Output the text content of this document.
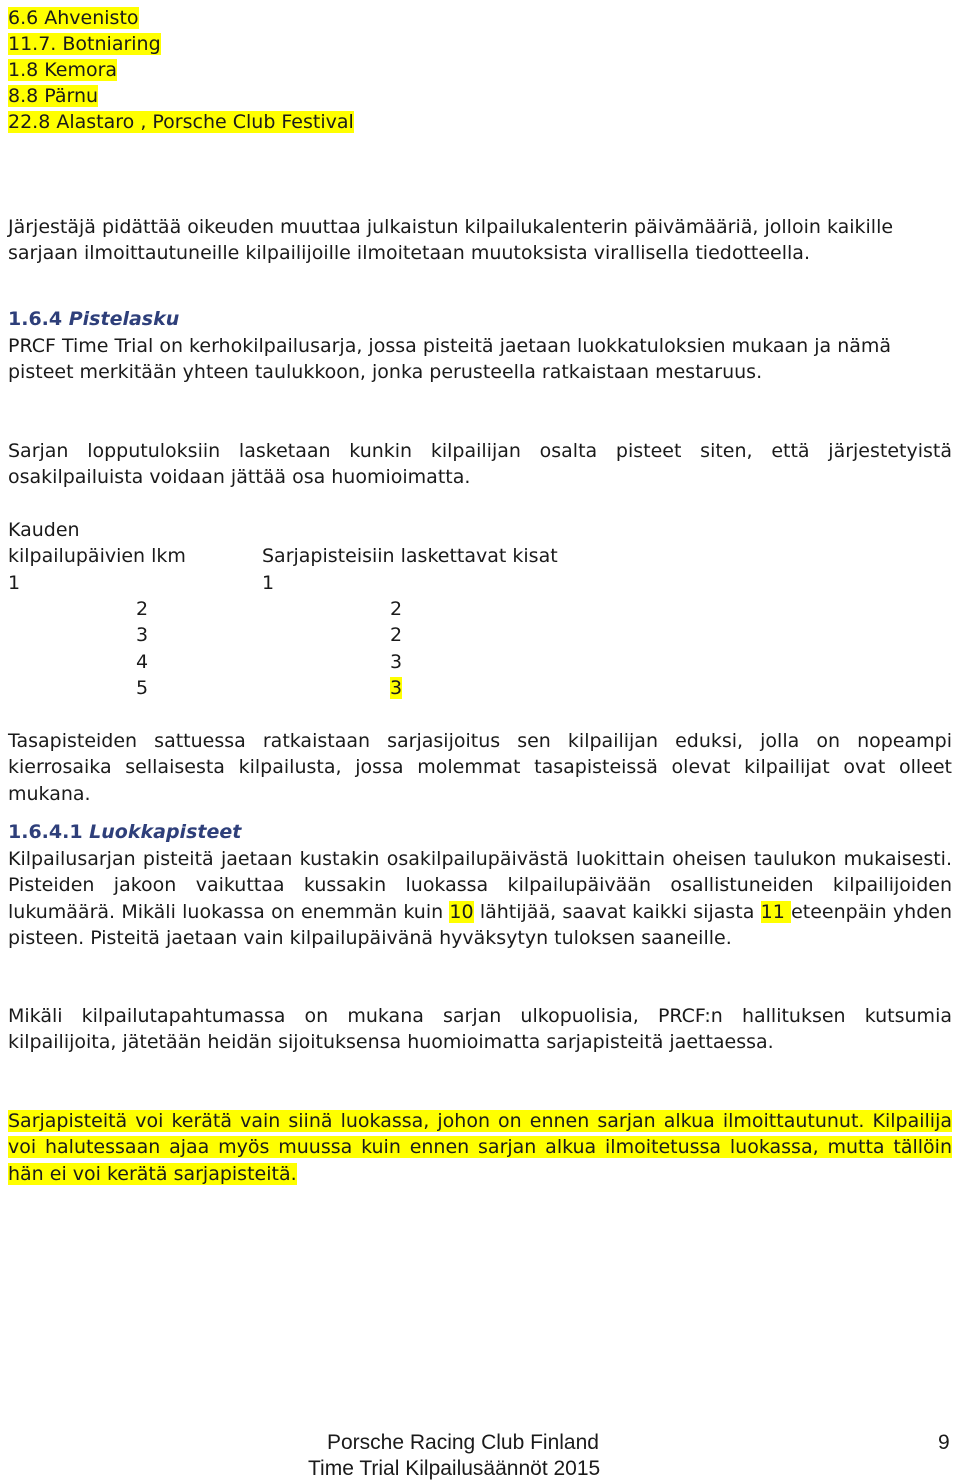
6.6 Ahvenisto
11.7. Botniaring
1.8 Kemora
8.8 Pärnu
22.8 Alastaro , Porsche Club Festival
Järjestäjä pidättää oikeuden muuttaa julkaistun kilpailukalenterin päivämääriä, jolloin kaikille sarjaan ilmoittautuneille kilpailijoille ilmoitetaan muutoksista virallisella tiedotteella.
1.6.4 Pistelasku
PRCF Time Trial on kerhokilpailusarja, jossa pisteitä jaetaan luokkatuloksien mukaan ja nämä pisteet merkitään yhteen taulukkoon, jonka perusteella ratkaistaan mestaruus.
Sarjan lopputuloksiin lasketaan kunkin kilpailijan osalta pisteet siten, että järjestetyistä osakilpailuista voidaan jättää osa huomioimatta.
Kauden
kilpailupäivien lkm	Sarjapisteisiin laskettavat kisat
1	1
2	2
3	2
4	3
5	3
Tasapisteiden sattuessa ratkaistaan sarjasijoitus sen kilpailijan eduksi, jolla on nopeampi kierrosaika sellaisesta kilpailusta, jossa molemmat tasapisteissä olevat kilpailijat ovat olleet mukana.
1.6.4.1 Luokkapisteet
Kilpailusarjan pisteitä jaetaan kustakin osakilpailupäivästä luokittain oheisen taulukon mukaisesti. Pisteiden jakoon vaikuttaa kussakin luokassa kilpailupäivään osallistuneiden kilpailijoiden lukumäärä. Mikäli luokassa on enemmän kuin 10 lähtijää, saavat kaikki sijasta 11 eteenpäin yhden pisteen. Pisteitä jaetaan vain kilpailupäivänä hyväksytyn tuloksen saaneille.
Mikäli kilpailutapahtumassa on mukana sarjan ulkopuolisia, PRCF:n hallituksen kutsumia kilpailijoita, jätetään heidän sijoituksensa huomioimatta sarjapisteitä jaettaessa.
Sarjapisteitä voi kerätä vain siinä luokassa, johon on ennen sarjan alkua ilmoittautunut. Kilpailija voi halutessaan ajaa myös muussa kuin ennen sarjan alkua ilmoitetussa luokassa, mutta tällöin hän ei voi kerätä sarjapisteitä.
Porsche Racing Club Finland
Time Trial Kilpailusäännöt 2015
9
